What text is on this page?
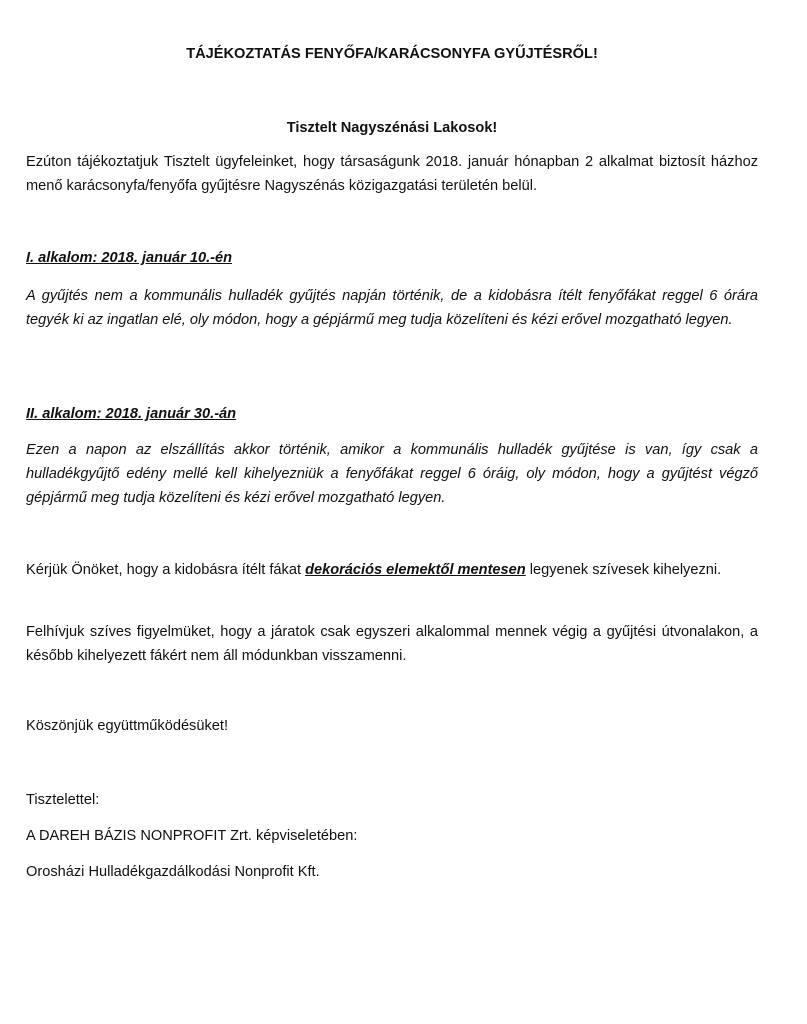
TÁJÉKOZTATÁS FENYŐFA/KARÁCSONYFA GYŰJTÉSRŐL!
Tisztelt Nagyszénási Lakosok!

Ezúton tájékoztatjuk Tisztelt ügyfeleinket, hogy társaságunk 2018. január hónapban 2 alkalmat biztosít házhoz menő karácsonyfa/fenyőfa gyűjtésre Nagyszénás közigazgatási területén belül.

I. alkalom: 2018. január 10.-én

A gyűjtés nem a kommunális hulladék gyűjtés napján történik, de a kidobásra ítélt fenyőfákat reggel 6 órára tegyék ki az ingatlan elé, oly módon, hogy a gépjármű meg tudja közelíteni és kézi erővel mozgatható legyen.

II. alkalom: 2018. január 30.-án

Ezen a napon az elszállítás akkor történik, amikor a kommunális hulladék gyűjtése is van, így csak a hulladékgyűjtő edény mellé kell kihelyezniük a fenyőfákat reggel 6 óráig, oly módon, hogy a gyűjtést végző gépjármű meg tudja közelíteni és kézi erővel mozgatható legyen.

Kérjük Önöket, hogy a kidobásra ítélt fákat dekorációs elemektől mentesen legyenek szívesek kihelyezni.

Felhívjuk szíves figyelmüket, hogy a járatok csak egyszeri alkalommal mennek végig a gyűjtési útvonalakon, a később kihelyezett fákért nem áll módunkban visszamenni.

Köszönjük együttműködésüket!

Tisztelettel:

A DAREH BÁZIS NONPROFIT Zrt. képviseletében:

Orosházi Hulladékgazdálkodási Nonprofit Kft.
